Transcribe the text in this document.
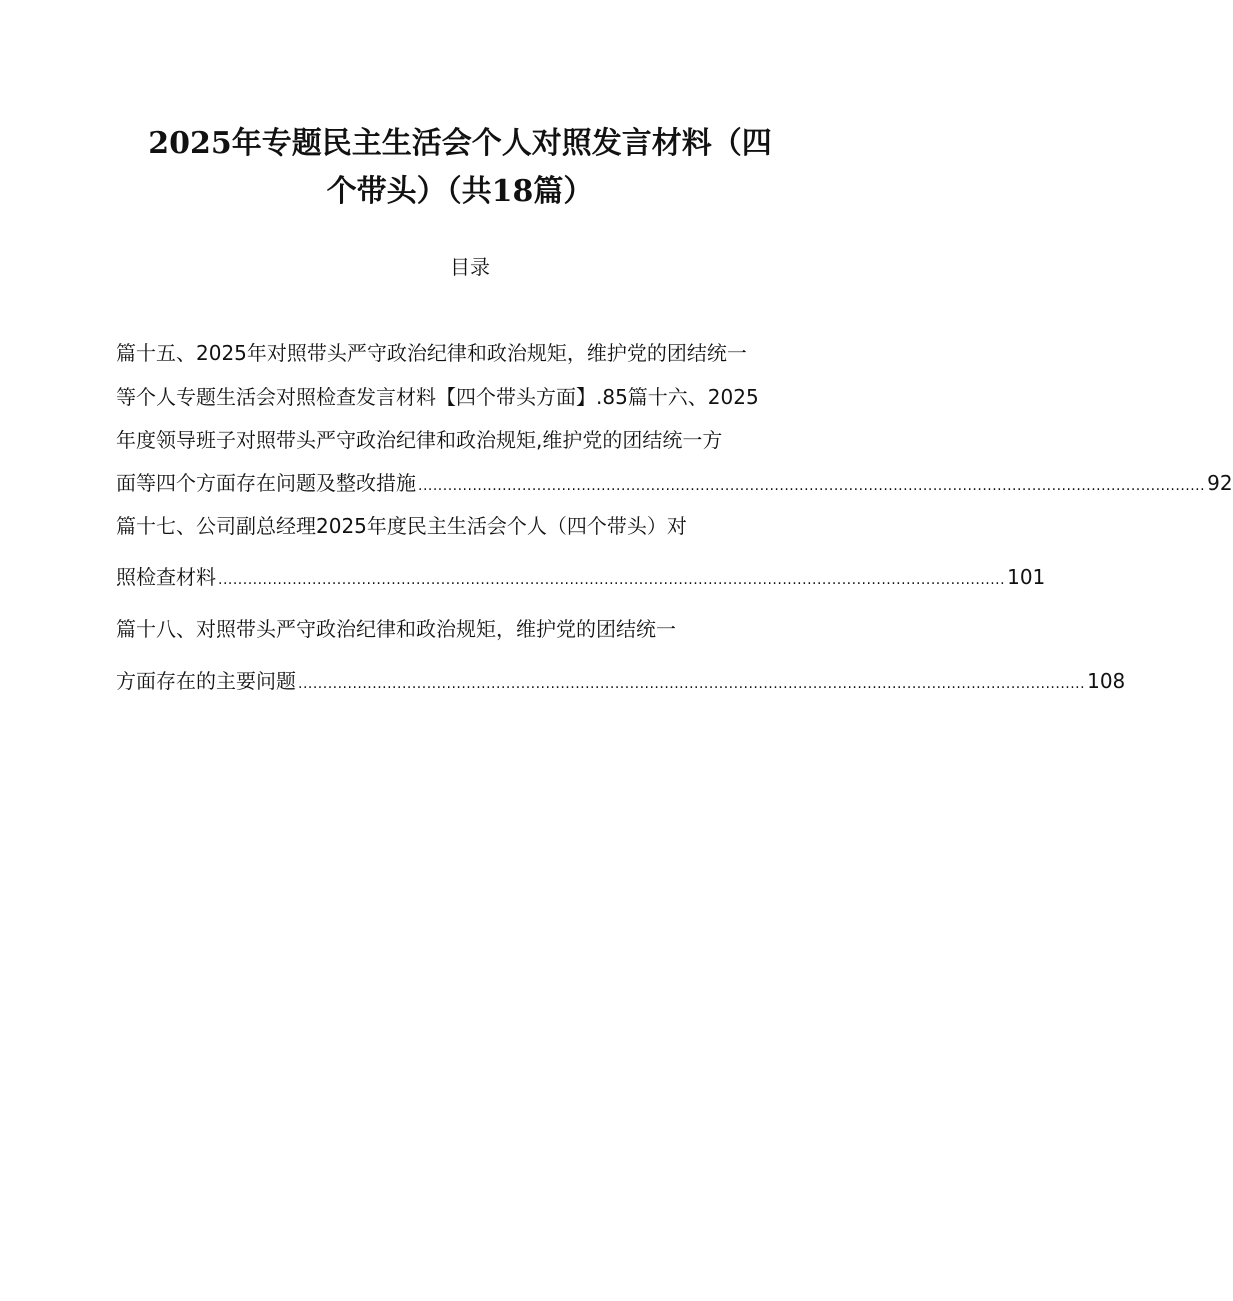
2025年专题民主生活会个人对照发言材料（四
个带头）（共18篇）
目录
篇十五、2025年对照带头严守政治纪律和政治规矩，维护党的团结统一
等个人专题生活会对照检查发言材料【四个带头方面】.85篇十六、2025
年度领导班子对照带头严守政治纪律和政治规矩,维护党的团结统一方
面等四个方面存在问题及整改措施 ............................................................................................................................................................... 92
篇十七、公司副总经理2025年度民主生活会个人（四个带头）对
照检查材料 ............................................................................................................................................................... 101
篇十八、对照带头严守政治纪律和政治规矩，维护党的团结统一
方面存在的主要问题 ............................................................................................................................................................... 108
